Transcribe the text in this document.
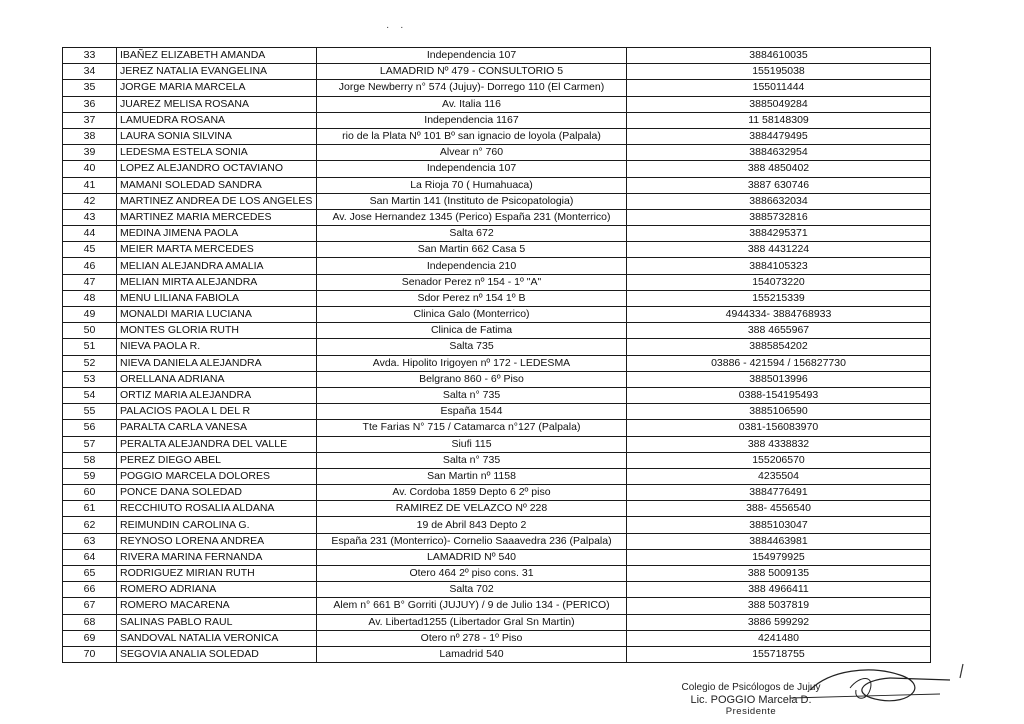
· ·
33	IBAÑEZ ELIZABETH AMANDA	Independencia 107	3884610035
34	JEREZ NATALIA EVANGELINA	LAMADRID Nº 479 - CONSULTORIO 5	155195038
35	JORGE MARIA MARCELA	Jorge Newberry n° 574 (Jujuy)- Dorrego 110 (El Carmen)	155011444
36	JUAREZ MELISA ROSANA	Av. Italia 116	3885049284
37	LAMUEDRA ROSANA	Independencia 1167	11 58148309
38	LAURA SONIA SILVINA	rio de la Plata Nº 101 Bº san ignacio de loyola (Palpala)	3884479495
39	LEDESMA ESTELA SONIA	Alvear n° 760	3884632954
40	LOPEZ ALEJANDRO OCTAVIANO	Independencia 107	388 4850402
41	MAMANI SOLEDAD SANDRA	La Rioja 70 ( Humahuaca)	3887 630746
42	MARTINEZ ANDREA DE LOS ANGELES	San Martin 141 (Instituto de Psicopatologia)	3886632034
43	MARTINEZ MARIA MERCEDES	Av. Jose Hernandez 1345 (Perico) España 231 (Monterrico)	3885732816
44	MEDINA JIMENA PAOLA	Salta 672	3884295371
45	MEIER MARTA MERCEDES	San Martin 662 Casa 5	388 4431224
46	MELIAN ALEJANDRA AMALIA	Independencia 210	3884105323
47	MELIAN MIRTA ALEJANDRA	Senador Perez nº 154 - 1º "A"	154073220
48	MENU LILIANA FABIOLA	Sdor Perez nº 154 1º B	155215339
49	MONALDI MARIA LUCIANA	Clinica Galo (Monterrico)	4944334- 3884768933
50	MONTES GLORIA RUTH	Clinica de Fatima	388 4655967
51	NIEVA PAOLA R.	Salta 735	3885854202
52	NIEVA DANIELA ALEJANDRA	Avda. Hipolito Irigoyen nº 172 - LEDESMA	03886 - 421594 / 156827730
53	ORELLANA ADRIANA	Belgrano 860 - 6º Piso	3885013996
54	ORTIZ MARIA ALEJANDRA	Salta n° 735	0388-154195493
55	PALACIOS PAOLA L DEL R	España 1544	3885106590
56	PARALTA CARLA VANESA	Tte Farias N° 715 / Catamarca n°127 (Palpala)	0381-156083970
57	PERALTA ALEJANDRA DEL VALLE	Siufi 115	388 4338832
58	PEREZ DIEGO ABEL	Salta n° 735	155206570
59	POGGIO MARCELA DOLORES	San Martin nº 1158	4235504
60	PONCE DANA SOLEDAD	Av. Cordoba 1859 Depto 6 2º piso	3884776491
61	RECCHIUTO ROSALIA ALDANA	RAMIREZ DE VELAZCO Nº 228	388- 4556540
62	REIMUNDIN CAROLINA G.	19 de Abril 843 Depto 2	3885103047
63	REYNOSO LORENA ANDREA	España 231 (Monterrico)- Cornelio Saaavedra 236 (Palpala)	3884463981
64	RIVERA MARINA FERNANDA	LAMADRID Nº 540	154979925
65	RODRIGUEZ MIRIAN RUTH	Otero 464 2º piso cons. 31	388 5009135
66	ROMERO ADRIANA	Salta 702	388 4966411
67	ROMERO MACARENA	Alem n° 661 B° Gorriti (JUJUY) / 9 de Julio 134 - (PERICO)	388 5037819
68	SALINAS PABLO RAUL	Av. Libertad1255 (Libertador Gral Sn Martin)	3886 599292
69	SANDOVAL NATALIA VERONICA	Otero nº 278 - 1º Piso	4241480
70	SEGOVIA ANALIA SOLEDAD	Lamadrid 540	155718755
Colegio de Psicólogos de Jujuy
Lic. POGGIO Marcela D.
Presidente
